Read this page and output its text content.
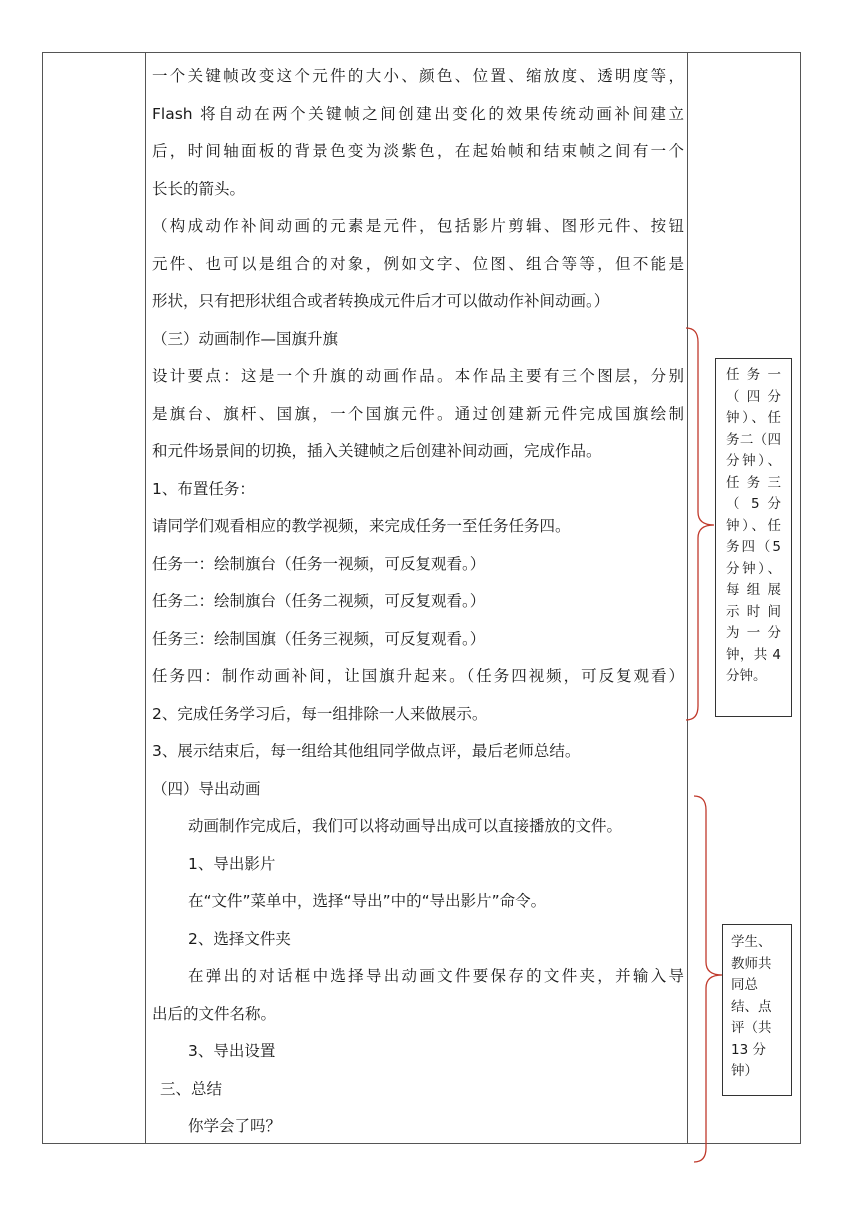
一个关键帧改变这个元件的大小、颜色、位置、缩放度、透明度等，

Flash 将自动在两个关键帧之间创建出变化的效果传统动画补间建立

后，时间轴面板的背景色变为淡紫色，在起始帧和结束帧之间有一个

长长的箭头。

（构成动作补间动画的元素是元件，包括影片剪辑、图形元件、按钮

元件、也可以是组合的对象，例如文字、位图、组合等等，但不能是

形状，只有把形状组合或者转换成元件后才可以做动作补间动画。）

（三）动画制作—国旗升旗

设计要点：这是一个升旗的动画作品。本作品主要有三个图层，分别

是旗台、旗杆、国旗，一个国旗元件。通过创建新元件完成国旗绘制

和元件场景间的切换，插入关键帧之后创建补间动画，完成作品。

1、布置任务：

请同学们观看相应的教学视频，来完成任务一至任务任务四。

任务一：绘制旗台（任务一视频，可反复观看。）

任务二：绘制旗台（任务二视频，可反复观看。）

任务三：绘制国旗（任务三视频，可反复观看。）

任务四：制作动画补间，让国旗升起来。（任务四视频，可反复观看）

2、完成任务学习后，每一组排除一人来做展示。

3、展示结束后，每一组给其他组同学做点评，最后老师总结。

（四）导出动画

动画制作完成后，我们可以将动画导出成可以直接播放的文件。

1、导出影片

在“文件”菜单中，选择“导出”中的“导出影片”命令。

2、选择文件夹

在弹出的对话框中选择导出动画文件要保存的文件夹，并输入导

出后的文件名称。

3、导出设置

三、总结

你学会了吗？

任 务 一
（ 四 分
钟）、任
务二（四
分钟）、
任 务 三
（ 5 分
钟）、任
务四（5
分钟）、
每 组 展
示 时 间
为 一 分
钟，共 4
分钟。
学生、
教师共
同总
结、点
评（共
13 分
钟）
